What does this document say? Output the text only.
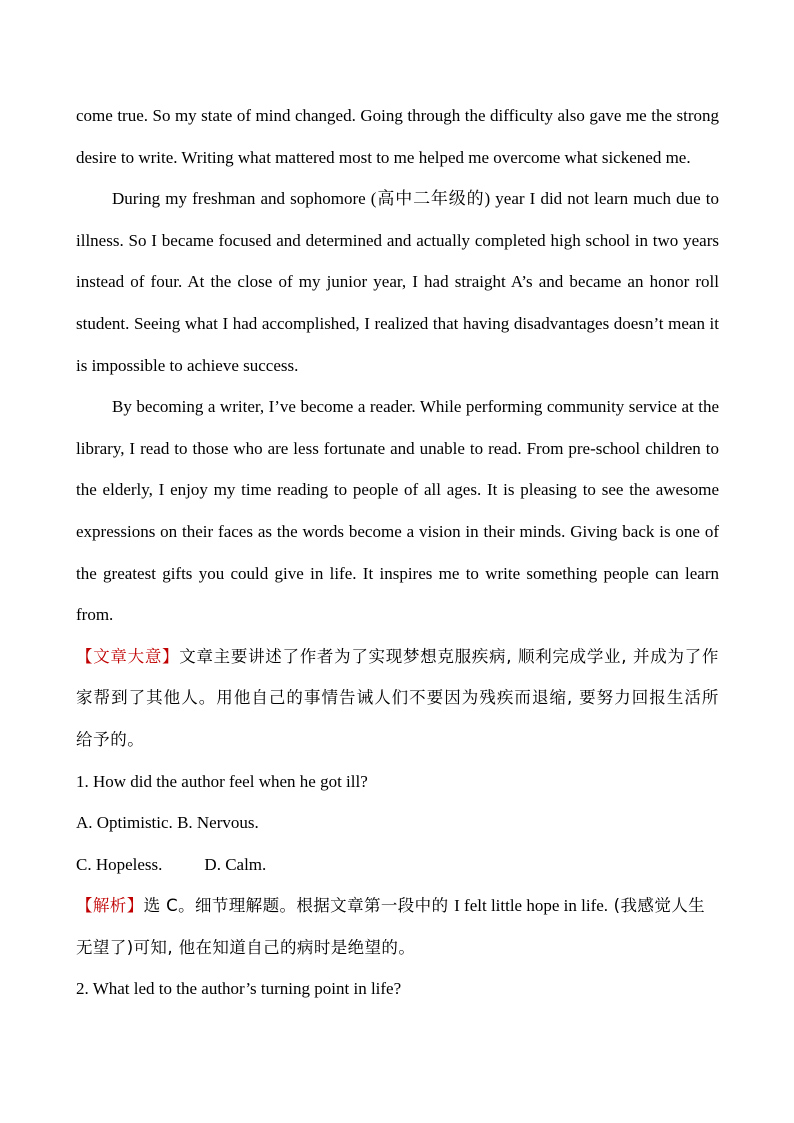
come true. So my state of mind changed. Going through the difficulty also gave me the strong desire to write. Writing what mattered most to me helped me overcome what sickened me.

During my freshman and sophomore (高中二年级的) year I did not learn much due to illness. So I became focused and determined and actually completed high school in two years instead of four. At the close of my junior year, I had straight A’s and became an honor roll student. Seeing what I had accomplished, I realized that having disadvantages doesn’t mean it is impossible to achieve success.

By becoming a writer, I’ve become a reader. While performing community service at the library, I read to those who are less fortunate and unable to read. From pre-school children to the elderly, I enjoy my time reading to people of all ages. It is pleasing to see the awesome expressions on their faces as the words become a vision in their minds. Giving back is one of the greatest gifts you could give in life. It inspires me to write something people can learn from.

【文章大意】文章主要讲述了作者为了实现梦想克服疾病, 顺利完成学业, 并成为了作家帮到了其他人。用他自己的事情告诫人们不要因为残疾而退缩, 要努力回报生活所给予的。

1. How did the author feel when he got ill?

A. Optimistic. B. Nervous.

C. Hopeless. D. Calm.

【解析】选 C。细节理解题。根据文章第一段中的 I felt little hope in life. (我感觉人生无望了)可知, 他在知道自己的病时是绝望的。

2. What led to the author’s turning point in life?
